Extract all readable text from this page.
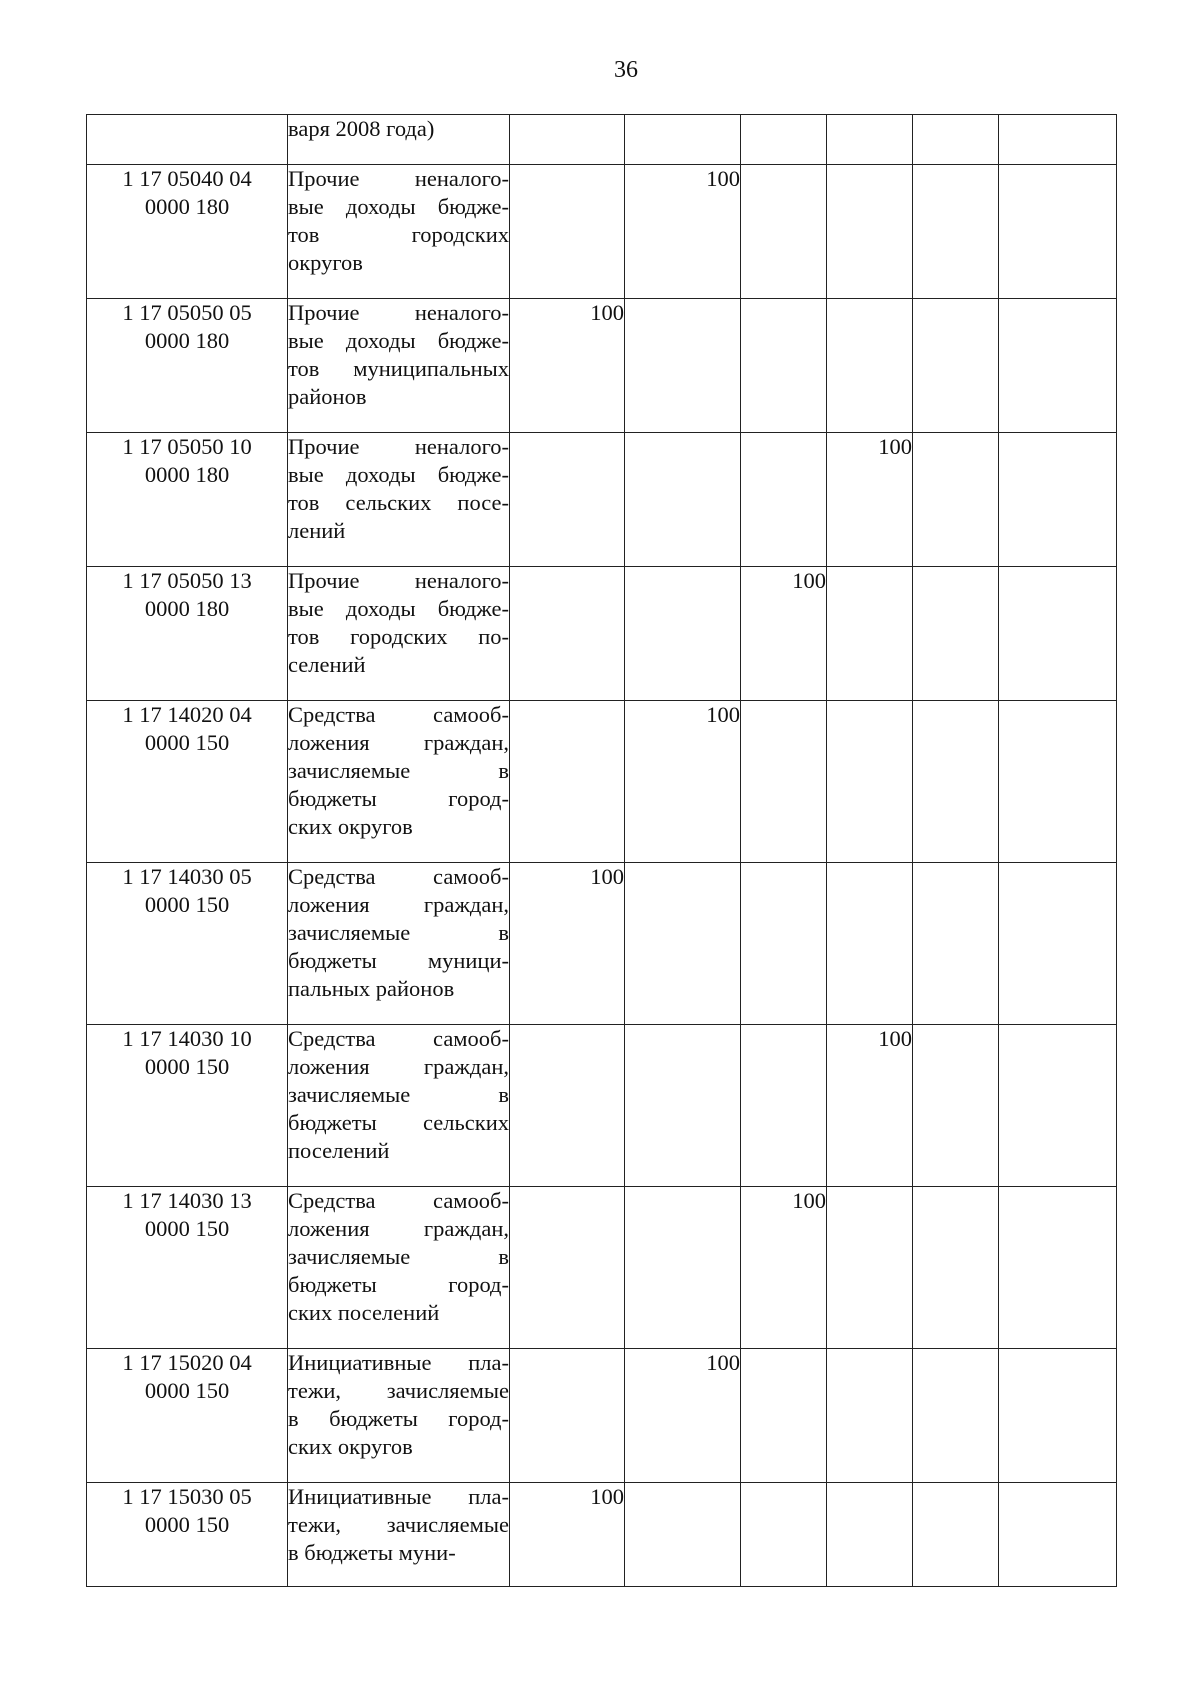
36

	варя 2008 года)						

1 17 05040 04
0000 180	Прочие неналого-
вые доходы бюдже-
тов городских
округов		100				

1 17 05050 05
0000 180	Прочие неналого-
вые доходы бюдже-
тов муниципальных
районов	100					

1 17 05050 10
0000 180	Прочие неналого-
вые доходы бюдже-
тов сельских посе-
лений				100		

1 17 05050 13
0000 180	Прочие неналого-
вые доходы бюдже-
тов городских по-
селений			100			

1 17 14020 04
0000 150	Средства самооб-
ложения граждан,
зачисляемые в
бюджеты город-
ских округов		100				

1 17 14030 05
0000 150	Средства самооб-
ложения граждан,
зачисляемые в
бюджеты муници-
пальных районов	100					

1 17 14030 10
0000 150	Средства самооб-
ложения граждан,
зачисляемые в
бюджеты сельских
поселений				100		

1 17 14030 13
0000 150	Средства самооб-
ложения граждан,
зачисляемые в
бюджеты город-
ских поселений			100			

1 17 15020 04
0000 150	Инициативные пла-
тежи, зачисляемые
в бюджеты город-
ских округов		100				

1 17 15030 05
0000 150	Инициативные пла-
тежи, зачисляемые
в бюджеты муни-	100					
